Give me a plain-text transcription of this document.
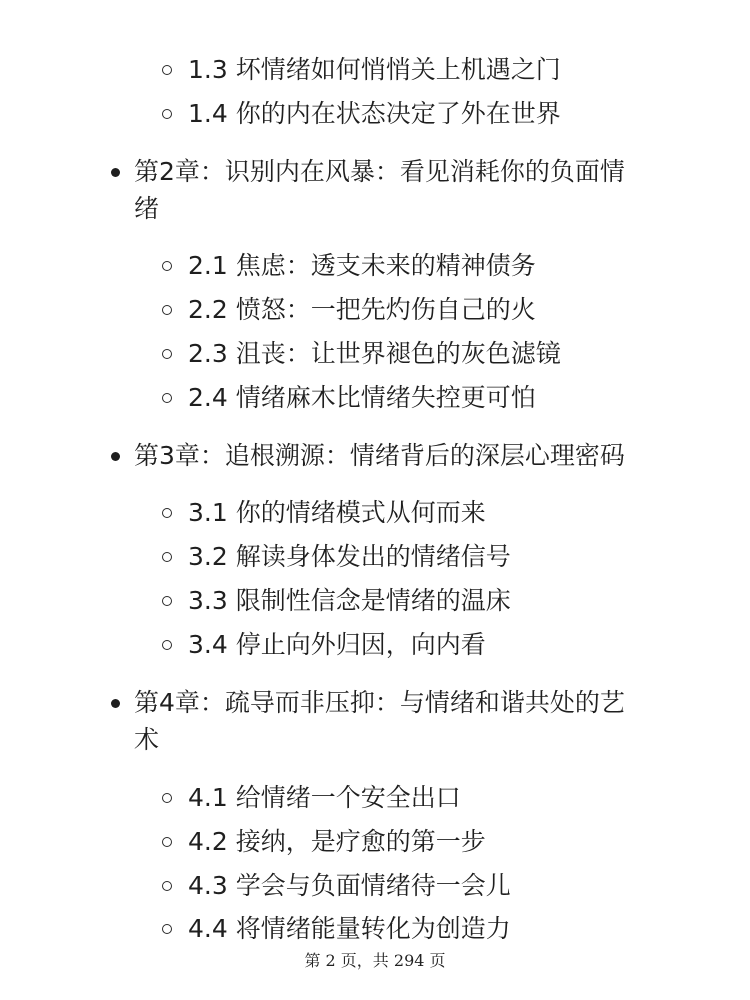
1.3 坏情绪如何悄悄关上机遇之门
1.4 你的内在状态决定了外在世界
第2章：识别内在风暴：看见消耗你的负面情
绪
2.1 焦虑：透支未来的精神债务
2.2 愤怒：一把先灼伤自己的火
2.3 沮丧：让世界褪色的灰色滤镜
2.4 情绪麻木比情绪失控更可怕
第3章：追根溯源：情绪背后的深层心理密码
3.1 你的情绪模式从何而来
3.2 解读身体发出的情绪信号
3.3 限制性信念是情绪的温床
3.4 停止向外归因，向内看
第4章：疏导而非压抑：与情绪和谐共处的艺
术
4.1 给情绪一个安全出口
4.2 接纳，是疗愈的第一步
4.3 学会与负面情绪待一会儿
4.4 将情绪能量转化为创造力
第 2 页，共 294 页
